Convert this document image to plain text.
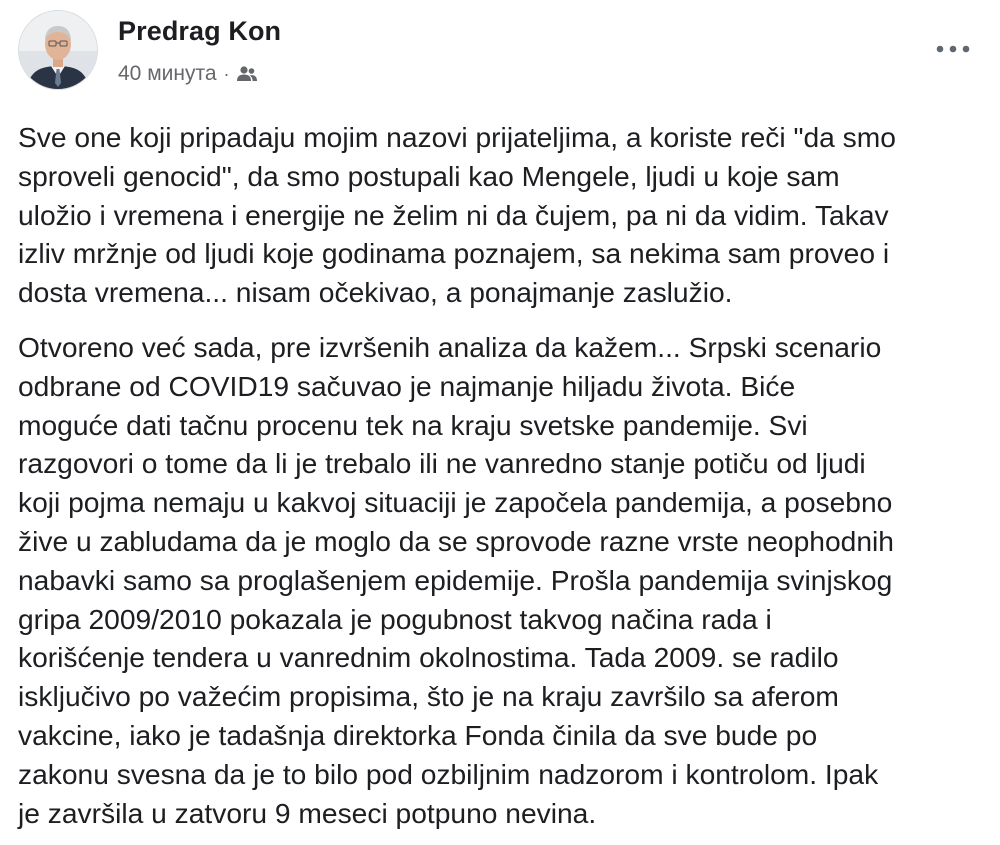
Predrag Kon
40 минута ·

Sve one koji pripadaju mojim nazovi prijateljima, a koriste reči "da smo
sproveli genocid", da smo postupali kao Mengele, ljudi u koje sam
uložio i vremena i energije ne želim ni da čujem, pa ni da vidim. Takav
izliv mržnje od ljudi koje godinama poznajem, sa nekima sam proveo i
dosta vremena... nisam očekivao, a ponajmanje zaslužio.

Otvoreno već sada, pre izvršenih analiza da kažem... Srpski scenario
odbrane od COVID19 sačuvao je najmanje hiljadu života. Biće
moguće dati tačnu procenu tek na kraju svetske pandemije. Svi
razgovori o tome da li je trebalo ili ne vanredno stanje potiču od ljudi
koji pojma nemaju u kakvoj situaciji je započela pandemija, a posebno
žive u zabludama da je moglo da se sprovode razne vrste neophodnih
nabavki samo sa proglašenjem epidemije. Prošla pandemija svinjskog
gripa 2009/2010 pokazala je pogubnost takvog načina rada i
korišćenje tendera u vanrednim okolnostima. Tada 2009. se radilo
isključivo po važećim propisima, što je na kraju završilo sa aferom
vakcine, iako je tadašnja direktorka Fonda činila da sve bude po
zakonu svesna da je to bilo pod ozbiljnim nadzorom i kontrolom. Ipak
je završila u zatvoru 9 meseci potpuno nevina.
